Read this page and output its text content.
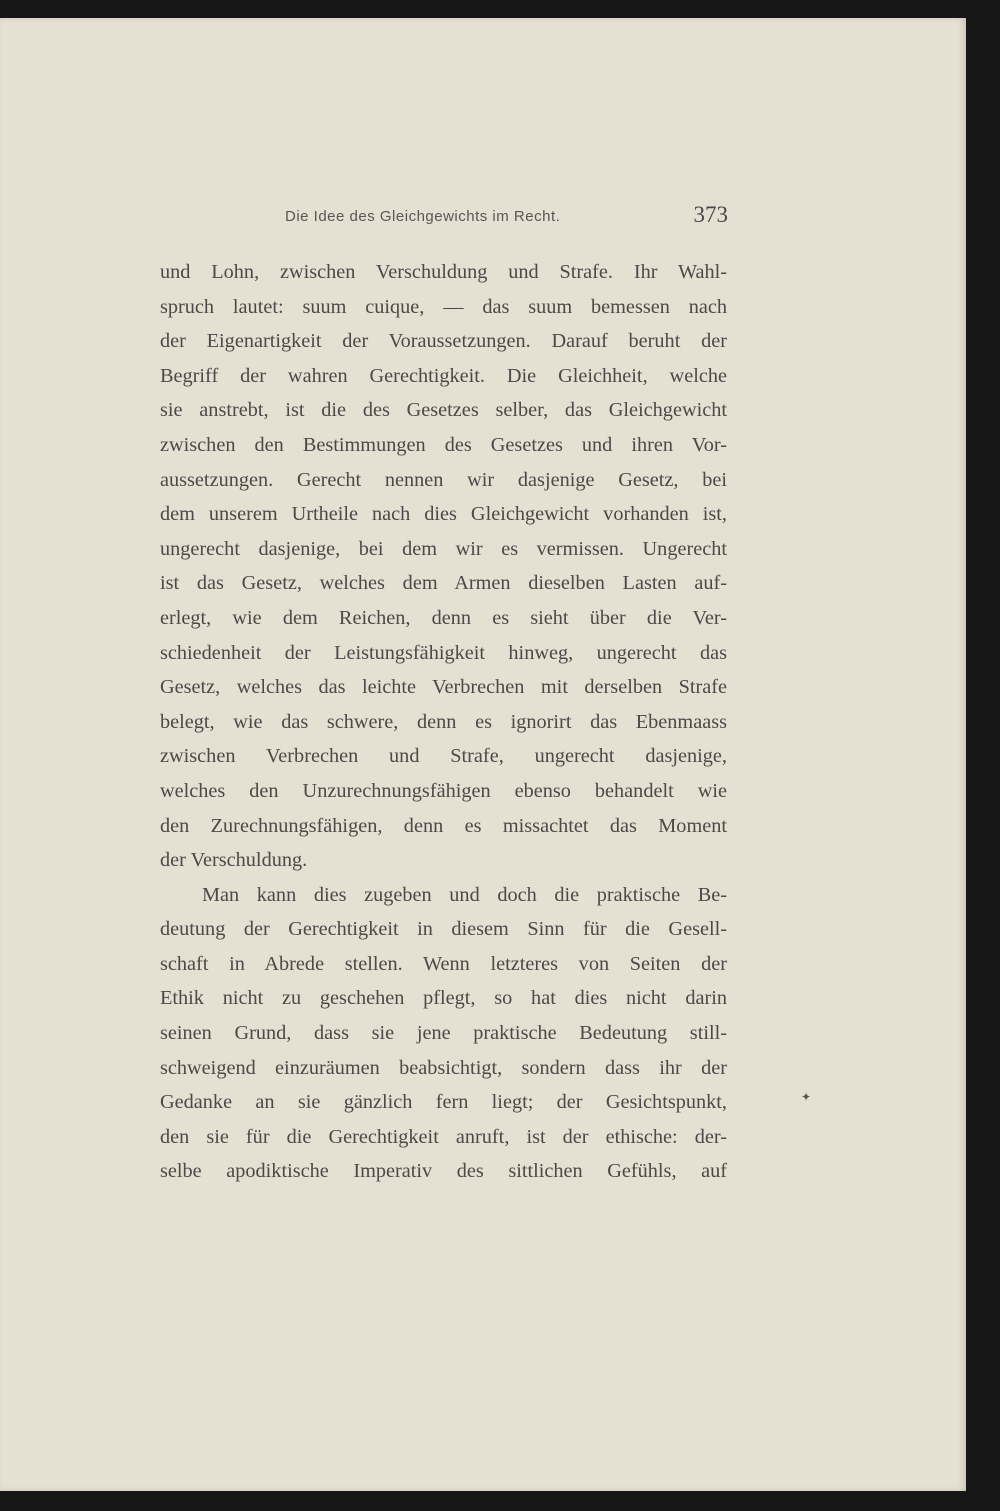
Die Idee des Gleichgewichts im Recht.	373
und Lohn, zwischen Verschuldung und Strafe. Ihr Wahl-
spruch lautet: suum cuique, — das suum bemessen nach
der Eigenartigkeit der Voraussetzungen. Darauf beruht der
Begriff der wahren Gerechtigkeit. Die Gleichheit, welche
sie anstrebt, ist die des Gesetzes selber, das Gleichgewicht
zwischen den Bestimmungen des Gesetzes und ihren Vor-
aussetzungen. Gerecht nennen wir dasjenige Gesetz, bei
dem unserem Urtheile nach dies Gleichgewicht vorhanden ist,
ungerecht dasjenige, bei dem wir es vermissen. Ungerecht
ist das Gesetz, welches dem Armen dieselben Lasten auf-
erlegt, wie dem Reichen, denn es sieht über die Ver-
schiedenheit der Leistungsfähigkeit hinweg, ungerecht das
Gesetz, welches das leichte Verbrechen mit derselben Strafe
belegt, wie das schwere, denn es ignorirt das Ebenmaass
zwischen Verbrechen und Strafe, ungerecht dasjenige,
welches den Unzurechnungsfähigen ebenso behandelt wie
den Zurechnungsfähigen, denn es missachtet das Moment
der Verschuldung.
Man kann dies zugeben und doch die praktische Be-
deutung der Gerechtigkeit in diesem Sinn für die Gesell-
schaft in Abrede stellen. Wenn letzteres von Seiten der
Ethik nicht zu geschehen pflegt, so hat dies nicht darin
seinen Grund, dass sie jene praktische Bedeutung still-
schweigend einzuräumen beabsichtigt, sondern dass ihr der
Gedanke an sie gänzlich fern liegt; der Gesichtspunkt,
den sie für die Gerechtigkeit anruft, ist der ethische: der-
selbe apodiktische Imperativ des sittlichen Gefühls, auf
✦
